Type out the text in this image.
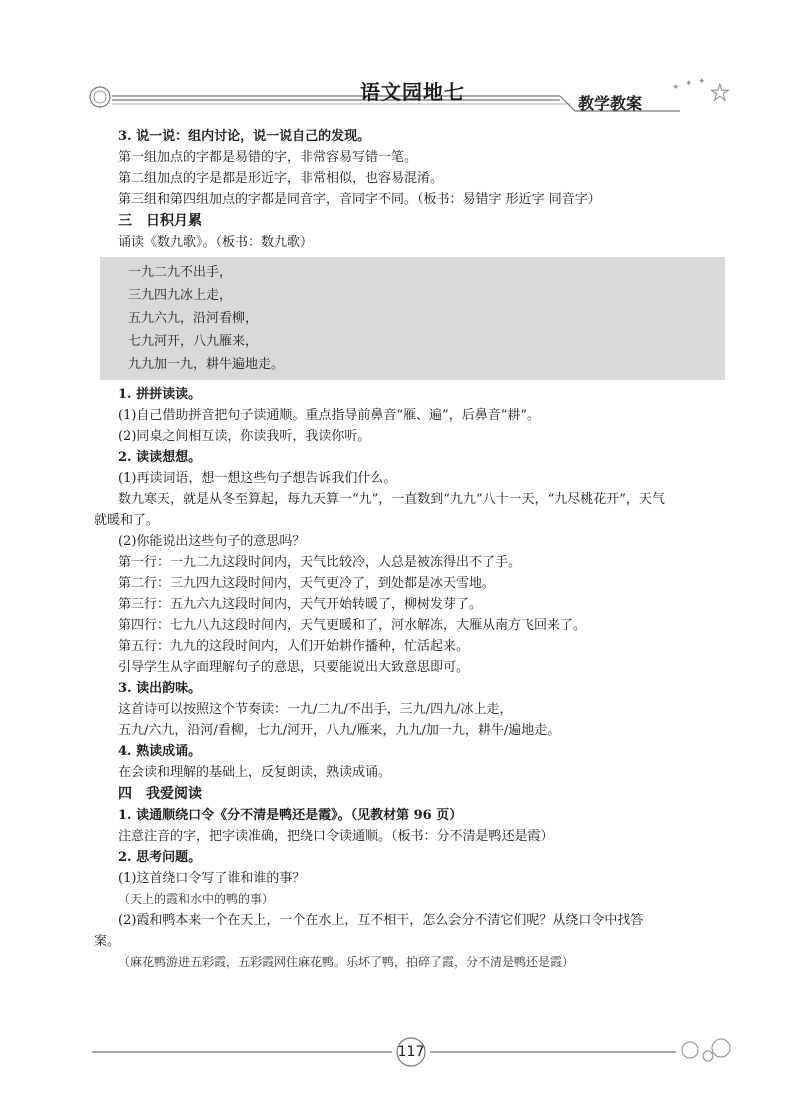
✦ ✦ ✦ ★
语文园地七	教学教案

3. 说一说：组内讨论，说一说自己的发现。

第一组加点的字都是易错的字，非常容易写错一笔。

第二组加点的字是都是形近字，非常相似，也容易混淆。

第三组和第四组加点的字都是同音字，音同字不同。（板书：易错字 形近字 同音字）

三　日积月累

诵读《数九歌》。（板书：数九歌）

一九二九不出手，

三九四九冰上走，

五九六九，沿河看柳，

七九河开，八九雁来，

九九加一九，耕牛遍地走。

1. 拼拼读读。

(1)自己借助拼音把句子读通顺。重点指导前鼻音“雁、遍”，后鼻音“耕”。

(2)同桌之间相互读，你读我听，我读你听。

2. 读读想想。

(1)再读词语，想一想这些句子想告诉我们什么。

数九寒天，就是从冬至算起，每九天算一“九”，一直数到“九九”八十一天，“九尽桃花开”，天气

就暖和了。

(2)你能说出这些句子的意思吗？

第一行：一九二九这段时间内，天气比较冷，人总是被冻得出不了手。

第二行：三九四九这段时间内，天气更冷了，到处都是冰天雪地。

第三行：五九六九这段时间内，天气开始转暖了，柳树发芽了。

第四行：七九八九这段时间内，天气更暖和了，河水解冻，大雁从南方飞回来了。

第五行：九九的这段时间内，人们开始耕作播种，忙活起来。

引导学生从字面理解句子的意思，只要能说出大致意思即可。

3. 读出韵味。

这首诗可以按照这个节奏读：一九/二九/不出手，三九/四九/冰上走，

五九/六九，沿河/看柳，七九/河开，八九/雁来，九九/加一九，耕牛/遍地走。

4. 熟读成诵。

在会读和理解的基础上，反复朗读，熟读成诵。

四　我爱阅读

1. 读通顺绕口令《分不清是鸭还是霞》。（见教材第 96 页）

注意注音的字，把字读准确，把绕口令读通顺。（板书：分不清是鸭还是霞）

2. 思考问题。

(1)这首绕口令写了谁和谁的事？

（天上的霞和水中的鸭的事）

(2)霞和鸭本来一个在天上，一个在水上，互不相干，怎么会分不清它们呢？从绕口令中找答

案。

（麻花鸭游进五彩霞，五彩霞网住麻花鸭。乐坏了鸭，拍碎了霞，分不清是鸭还是霞）

117
